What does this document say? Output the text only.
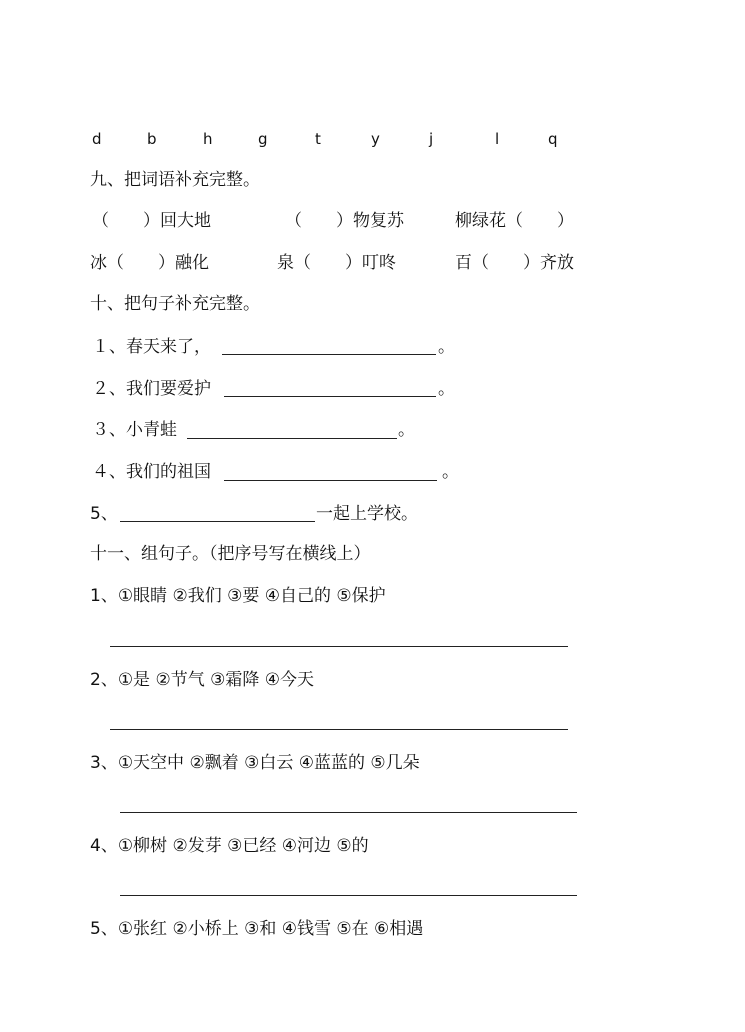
d	b	h	g	t	y	j	l	q
九、把词语补充完整。
（　　）回大地	（　　）物复苏	柳绿花（　　）
冰（　　）融化	泉（　　）叮咚	百（　　）齐放
十、把句子补充完整。
１、春天来了，	。
２、我们要爱护	。
３、小青蛙	。
４、我们的祖国	。
5、	一起上学校。
十一、组句子。（把序号写在横线上）
1、①眼睛 ②我们 ③要 ④自己的 ⑤保护
2、①是 ②节气 ③霜降 ④今天
3、①天空中 ②飘着 ③白云 ④蓝蓝的 ⑤几朵
4、①柳树 ②发芽 ③已经 ④河边 ⑤的
5、①张红 ②小桥上 ③和 ④钱雪 ⑤在 ⑥相遇
